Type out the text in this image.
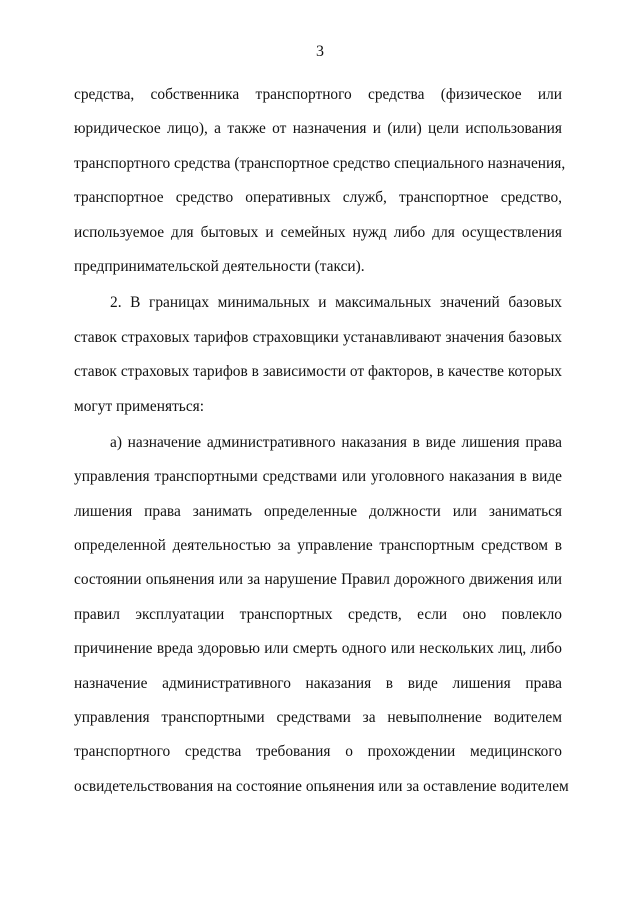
3
средства, собственника транспортного средства (физическое или
юридическое лицо), а также от назначения и (или) цели использования
транспортного средства (транспортное средство специального назначения,
транспортное средство оперативных служб, транспортное средство,
используемое для бытовых и семейных нужд либо для осуществления
предпринимательской деятельности (такси).
2. В границах минимальных и максимальных значений базовых
ставок страховых тарифов страховщики устанавливают значения базовых
ставок страховых тарифов в зависимости от факторов, в качестве которых
могут применяться:
а) назначение административного наказания в виде лишения права
управления транспортными средствами или уголовного наказания в виде
лишения права занимать определенные должности или заниматься
определенной деятельностью за управление транспортным средством в
состоянии опьянения или за нарушение Правил дорожного движения или
правил эксплуатации транспортных средств, если оно повлекло
причинение вреда здоровью или смерть одного или нескольких лиц, либо
назначение административного наказания в виде лишения права
управления транспортными средствами за невыполнение водителем
транспортного средства требования о прохождении медицинского
освидетельствования на состояние опьянения или за оставление водителем
